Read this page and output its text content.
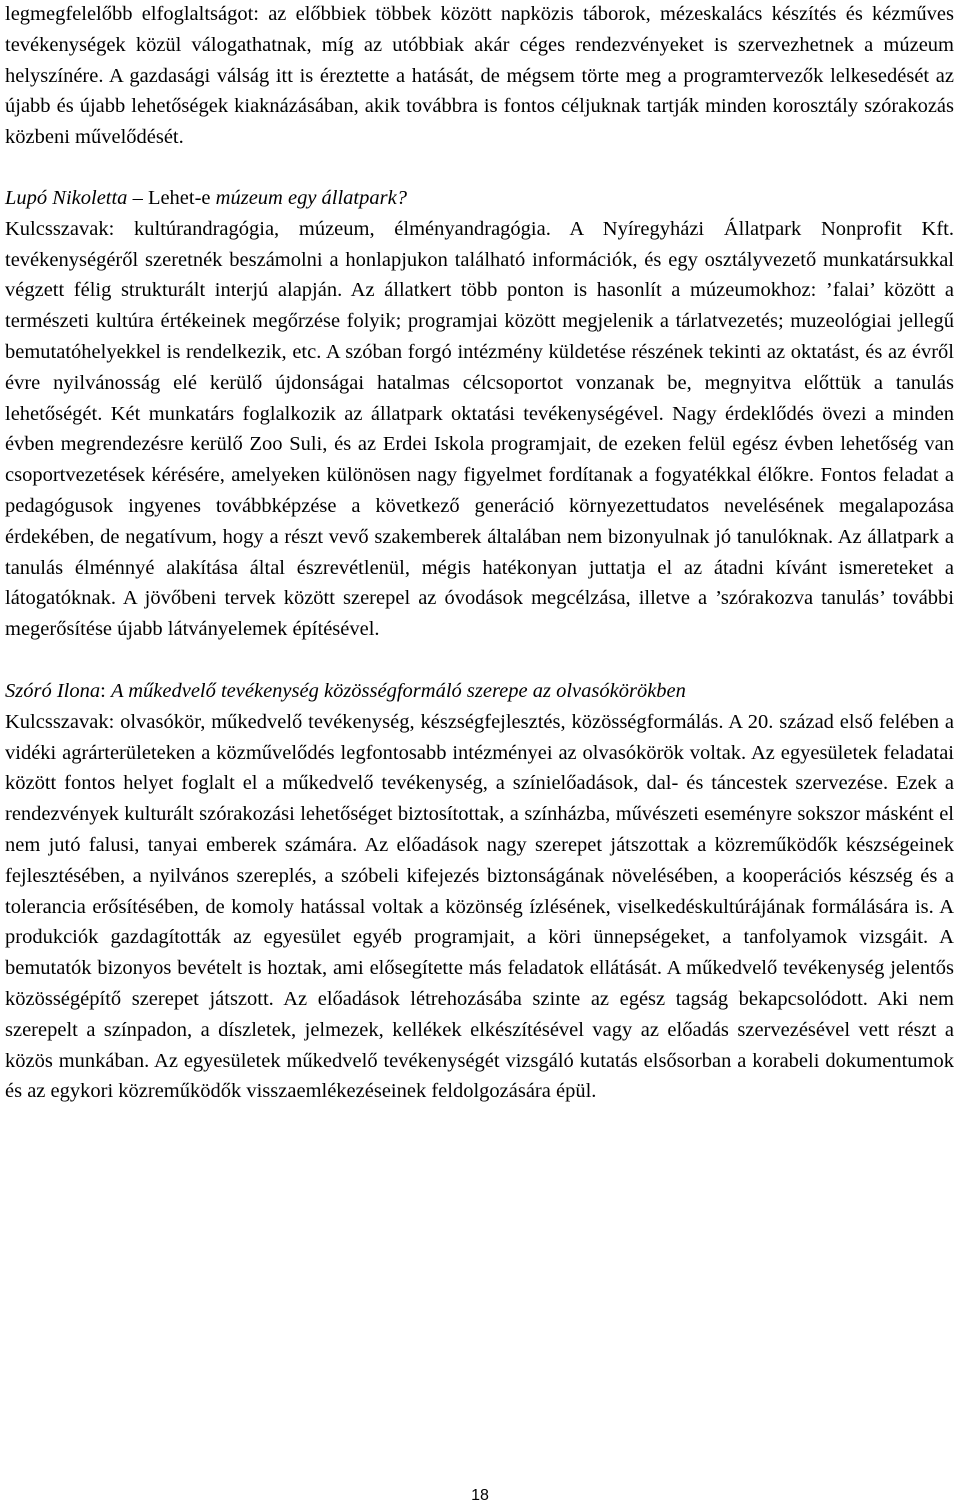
legmegfelelőbb elfoglaltságot: az előbbiek többek között napközis táborok, mézeskalács készítés és kézműves tevékenységek közül válogathatnak, míg az utóbbiak akár céges rendezvényeket is szervezhetnek a múzeum helyszínére. A gazdasági válság itt is éreztette a hatását, de mégsem törte meg a programtervezők lelkesedését az újabb és újabb lehetőségek kiaknázásában, akik továbbra is fontos céljuknak tartják minden korosztály szórakozás közbeni művelődését.

Lupó Nikoletta – Lehet-e múzeum egy állatpark?

Kulcsszavak: kultúrandragógia, múzeum, élményandragógia. A Nyíregyházi Állatpark Nonprofit Kft. tevékenységéről szeretnék beszámolni a honlapjukon található információk, és egy osztályvezető munkatársukkal végzett félig strukturált interjú alapján. Az állatkert több ponton is hasonlít a múzeumokhoz: ’falai’ között a természeti kultúra értékeinek megőrzése folyik; programjai között megjelenik a tárlatvezetés; muzeológiai jellegű bemutatóhelyekkel is rendelkezik, etc. A szóban forgó intézmény küldetése részének tekinti az oktatást, és az évről évre nyilvánosság elé kerülő újdonságai hatalmas célcsoportot vonzanak be, megnyitva előttük a tanulás lehetőségét. Két munkatárs foglalkozik az állatpark oktatási tevékenységével. Nagy érdeklődés övezi a minden évben megrendezésre kerülő Zoo Suli, és az Erdei Iskola programjait, de ezeken felül egész évben lehetőség van csoportvezetések kérésére, amelyeken különösen nagy figyelmet fordítanak a fogyatékkal élőkre. Fontos feladat a pedagógusok ingyenes továbbképzése a következő generáció környezettudatos nevelésének megalapozása érdekében, de negatívum, hogy a részt vevő szakemberek általában nem bizonyulnak jó tanulóknak. Az állatpark a tanulás élménnyé alakítása által észrevétlenül, mégis hatékonyan juttatja el az átadni kívánt ismereteket a látogatóknak. A jövőbeni tervek között szerepel az óvodások megcélzása, illetve a ’szórakozva tanulás’ további megerősítése újabb látványelemek építésével.

Szóró Ilona: A műkedvelő tevékenység közösségformáló szerepe az olvasókörökben

Kulcsszavak: olvasókör, műkedvelő tevékenység, készségfejlesztés, közösségformálás. A 20. század első felében a vidéki agrárterületeken a közművelődés legfontosabb intézményei az olvasókörök voltak. Az egyesületek feladatai között fontos helyet foglalt el a műkedvelő tevékenység, a színielőadások, dal- és táncestek szervezése. Ezek a rendezvények kulturált szórakozási lehetőséget biztosítottak, a színházba, művészeti eseményre sokszor másként el nem jutó falusi, tanyai emberek számára. Az előadások nagy szerepet játszottak a közreműködők készségeinek fejlesztésében, a nyilvános szereplés, a szóbeli kifejezés biztonságának növelésében, a kooperációs készség és a tolerancia erősítésében, de komoly hatással voltak a közönség ízlésének, viselkedéskultúrájának formálására is. A produkciók gazdagították az egyesület egyéb programjait, a köri ünnepségeket, a tanfolyamok vizsgáit. A bemutatók bizonyos bevételt is hoztak, ami elősegítette más feladatok ellátását. A műkedvelő tevékenység jelentős közösségépítő szerepet játszott. Az előadások létrehozásába szinte az egész tagság bekapcsolódott. Aki nem szerepelt a színpadon, a díszletek, jelmezek, kellékek elkészítésével vagy az előadás szervezésével vett részt a közös munkában. Az egyesületek műkedvelő tevékenységét vizsgáló kutatás elsősorban a korabeli dokumentumok és az egykori közreműködők visszaemlékezéseinek feldolgozására épül.

18
